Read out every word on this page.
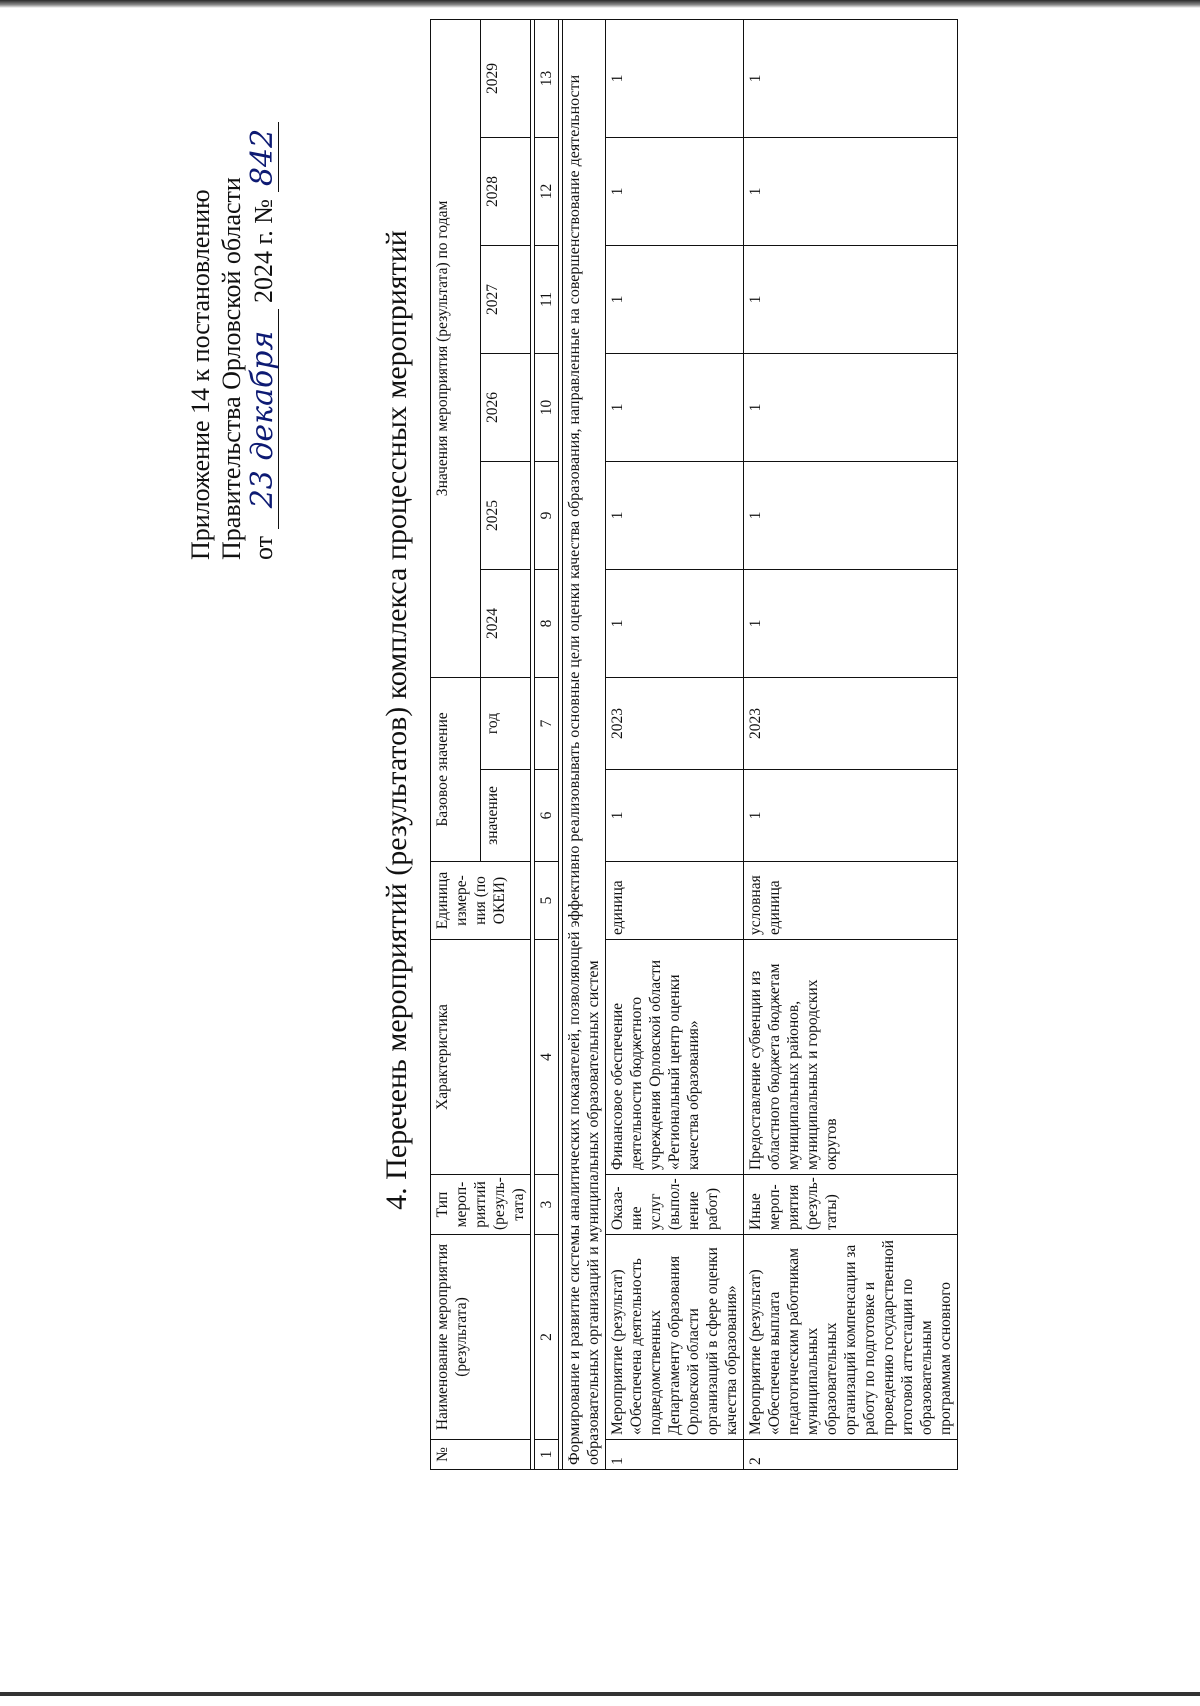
Приложение 14 к постановлению Правительства Орловской области от 23 декабря 2024 г. № 842
4. Перечень мероприятий (результатов) комплекса процессных мероприятий
№	Наименование мероприятия (результата)	Тип мероп- риятий (резуль- тата)	Характеристика	Единица измере- ния (по ОКЕИ)	Базовое значение		Значения мероприятия (результата) по годам					
					значение	год	2024	2025	2026	2027	2028	2029

1	2	3	4	5	6	7	8	9	10	11	12	13

Формирование и развитие системы аналитических показателей, позволяющей эффективно реализовывать основные цели оценки качества образования, направленные на совершенствование деятельности образовательных организаций и муниципальных образовательных систем												
1	Мероприятие (результат) «Обеспечена деятельность подведомственных Департаменту образования Орловской области организаций в сфере оценки качества образования»	Оказа- ние услуг (выпол- нение работ)	Финансовое обеспечение деятельности бюджетного учреждения Орловской области «Региональный центр оценки качества образования»	единица	1	2023	1	1	1	1	1	1
2	Мероприятие (результат) «Обеспечена выплата педагогическим работникам муниципальных образовательных организаций компенсации за работу по подготовке и проведению государственной итоговой аттестации по образовательным программам основного	Иные мероп- риятия (резуль- таты)	Предоставление субвенции из областного бюджета бюджетам муниципальных районов, муниципальных и городских округов	условная единица	1	2023	1	1	1	1	1	1
